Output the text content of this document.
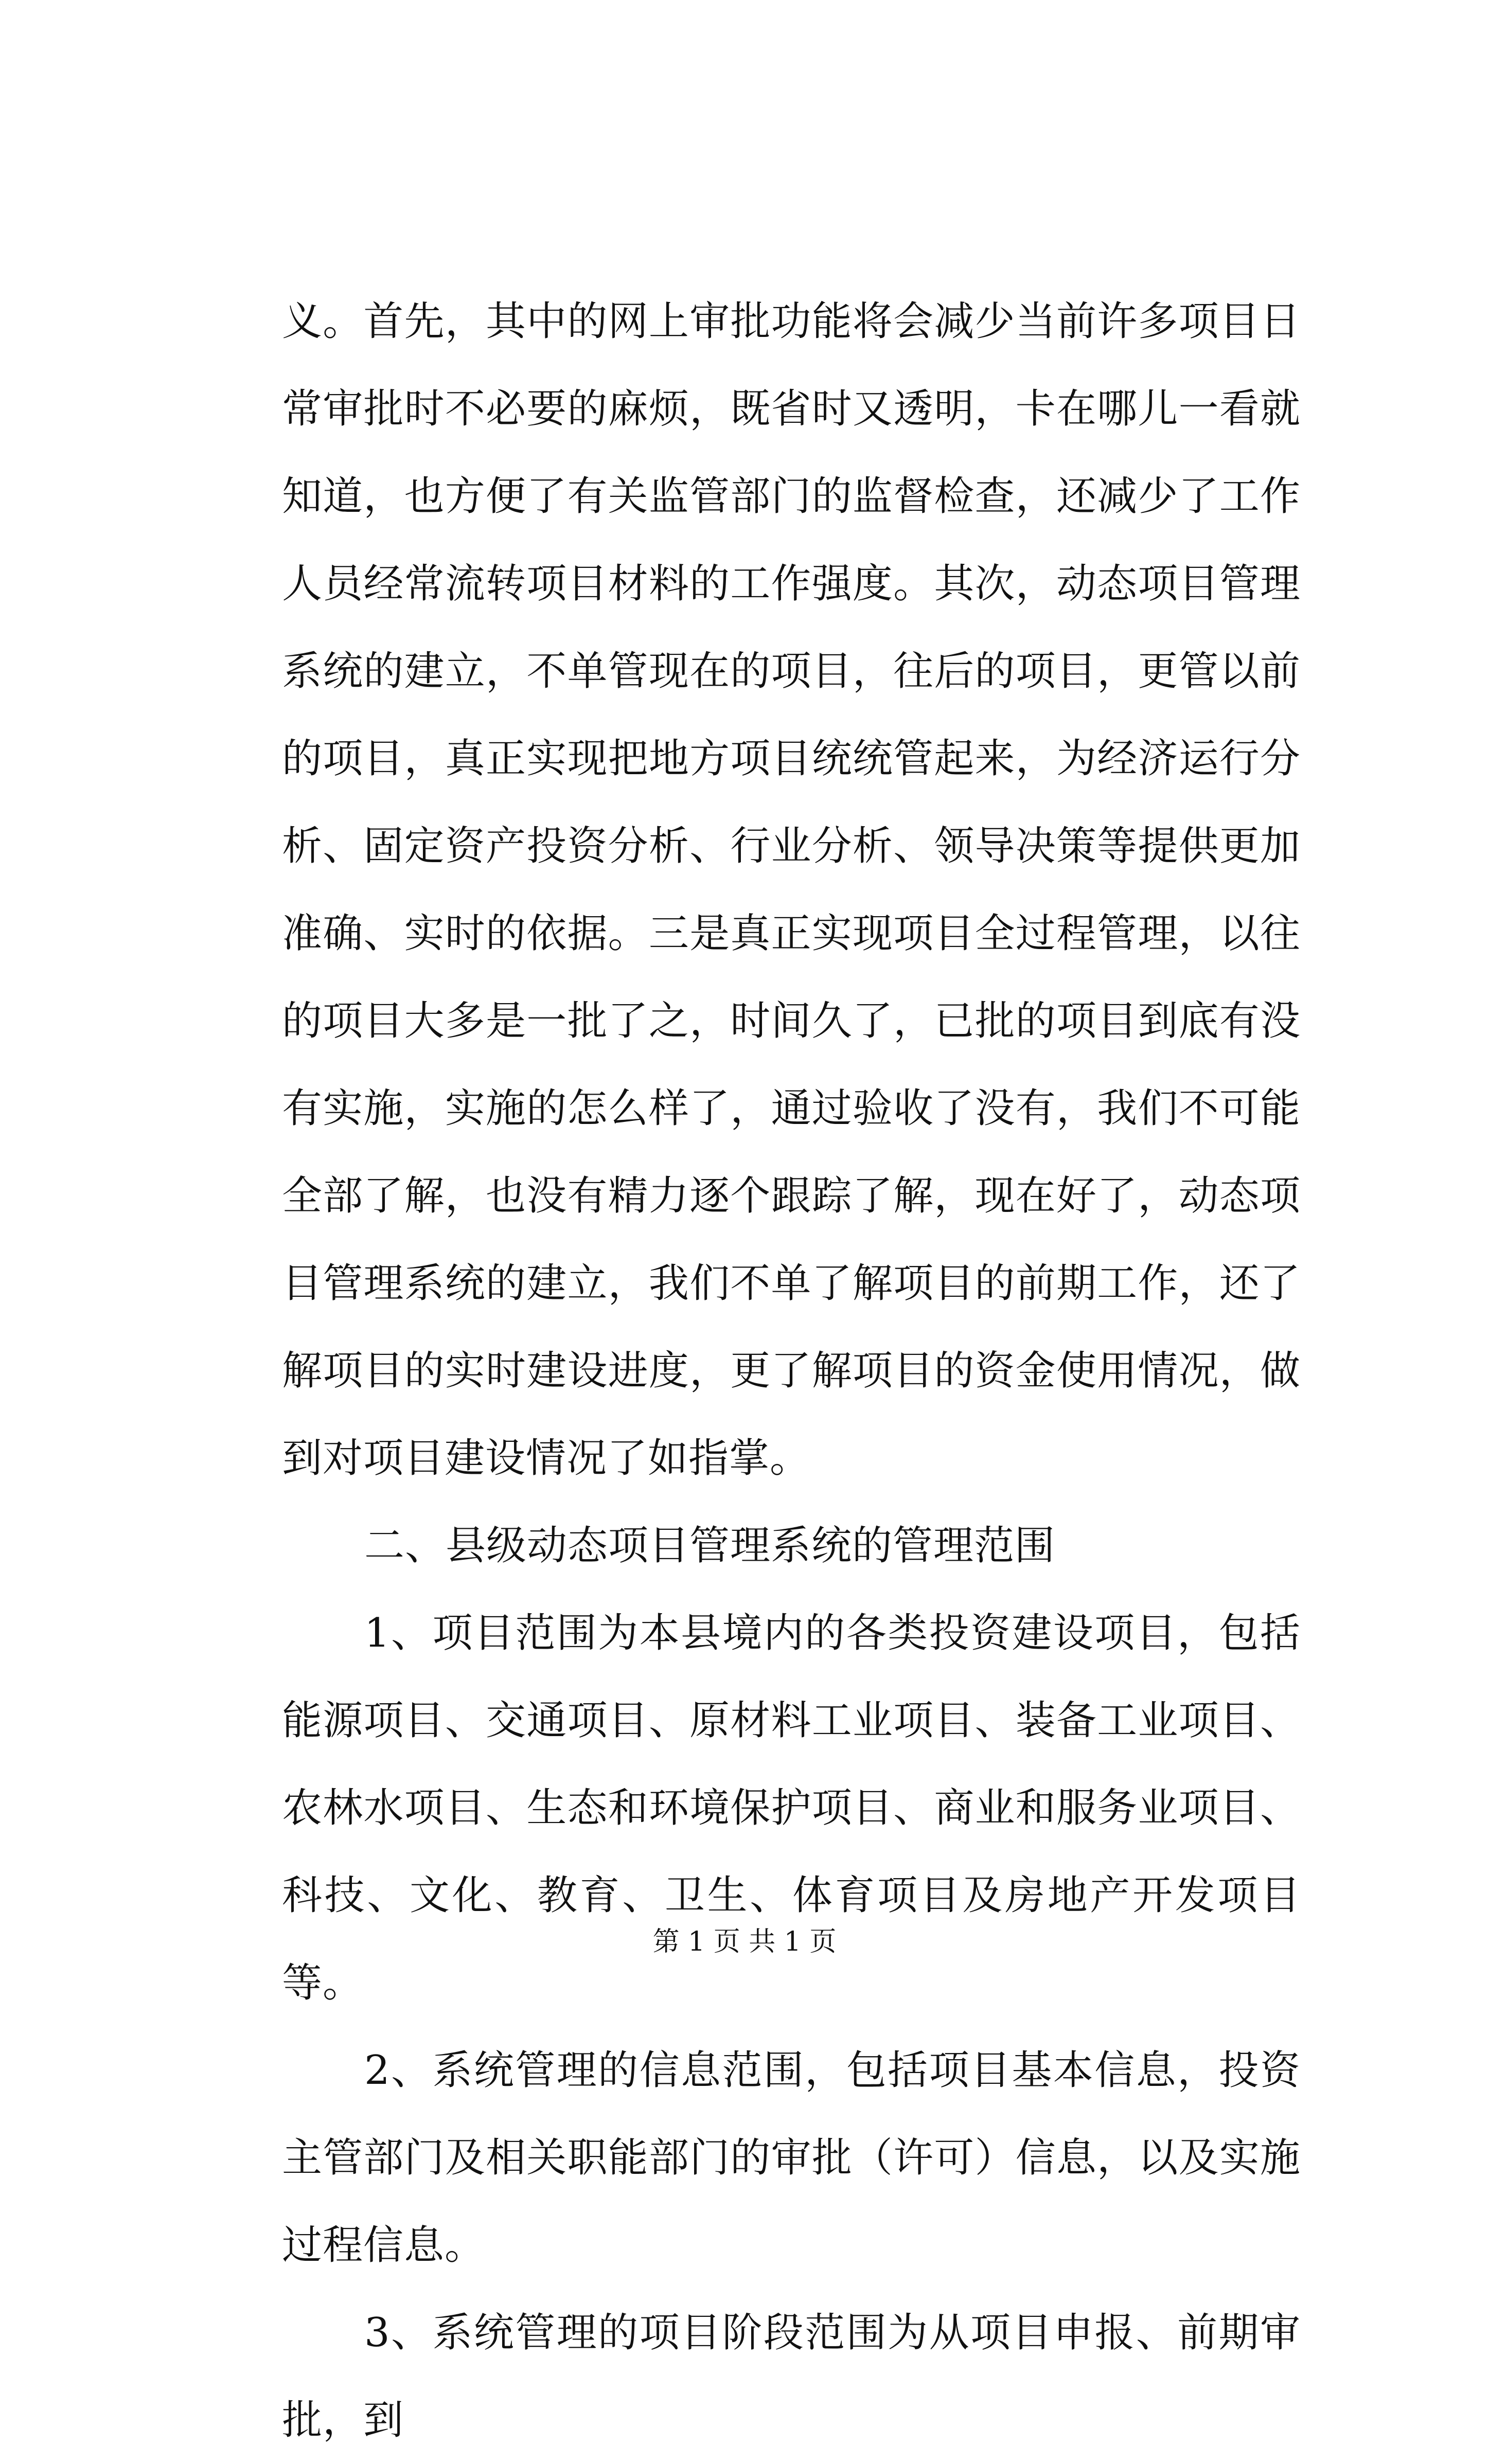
义。首先，其中的网上审批功能将会减少当前许多项目日常审批时不必要的麻烦，既省时又透明，卡在哪儿一看就知道，也方便了有关监管部门的监督检查，还减少了工作人员经常流转项目材料的工作强度。其次，动态项目管理系统的建立，不单管现在的项目，往后的项目，更管以前的项目，真正实现把地方项目统统管起来，为经济运行分析、固定资产投资分析、行业分析、领导决策等提供更加准确、实时的依据。三是真正实现项目全过程管理，以往的项目大多是一批了之，时间久了，已批的项目到底有没有实施，实施的怎么样了，通过验收了没有，我们不可能全部了解，也没有精力逐个跟踪了解，现在好了，动态项目管理系统的建立，我们不单了解项目的前期工作，还了解项目的实时建设进度，更了解项目的资金使用情况，做到对项目建设情况了如指掌。

二、县级动态项目管理系统的管理范围

1、项目范围为本县境内的各类投资建设项目，包括能源项目、交通项目、原材料工业项目、装备工业项目、农林水项目、生态和环境保护项目、商业和服务业项目、科技、文化、教育、卫生、体育项目及房地产开发项目等。

2、系统管理的信息范围，包括项目基本信息，投资主管部门及相关职能部门的审批（许可）信息，以及实施过程信息。

3、系统管理的项目阶段范围为从项目申报、前期审批，到

第 1 页 共 1 页
